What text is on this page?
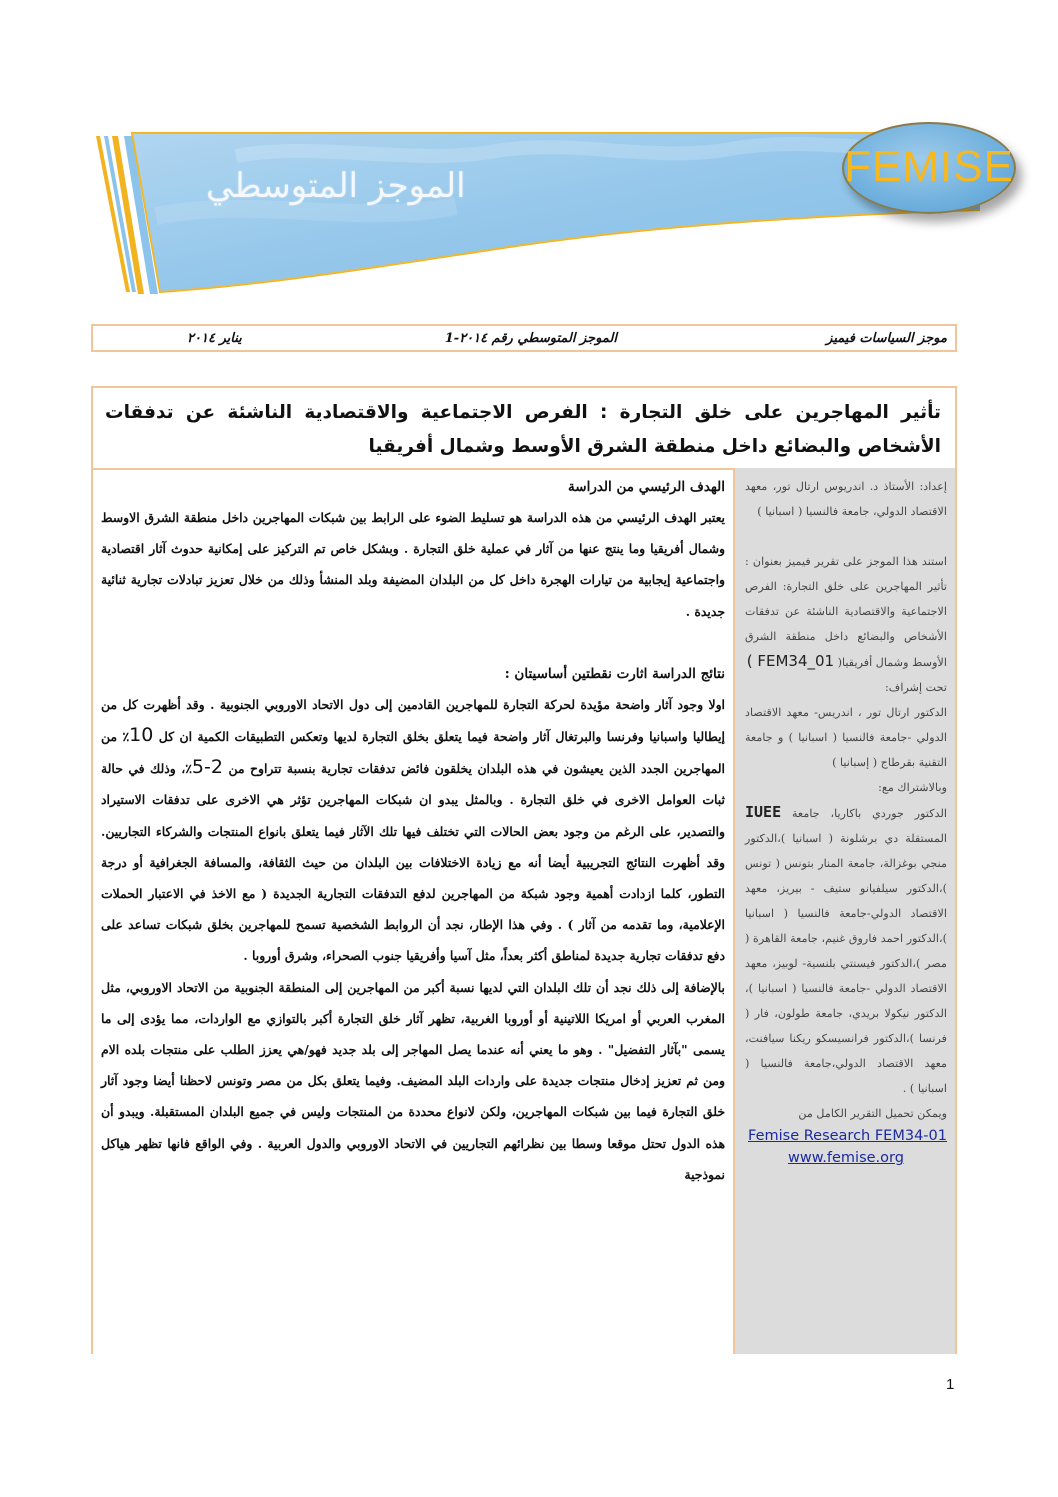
الموجز المتوسطي	FEMISE
موجز السياسات فيميز
الموجز المتوسطي رقم ٢٠١٤-1
يناير ٢٠١٤
تأثير المهاجرين على خلق التجارة : الفرص الاجتماعية والاقتصادية الناشئة عن تدفقات الأشخاص والبضائع داخل منطقة الشرق الأوسط وشمال أفريقيا
الهدف الرئيسي من الدراسة

يعتبر الهدف الرئيسي من هذه الدراسة هو تسليط الضوء على الرابط بين شبكات المهاجرين داخل منطقة الشرق الاوسط وشمال أفريقيا وما ينتج عنها من آثار في عملية خلق التجارة . وبشكل خاص تم التركيز على إمكانية حدوث آثار اقتصادية واجتماعية إيجابية من تيارات الهجرة داخل كل من البلدان المضيفة وبلد المنشأ وذلك من خلال تعزيز تبادلات تجارية ثنائية جديدة .

نتائج الدراسة اثارت نقطتين أساسيتان :

اولا وجود آثار واضحة مؤيدة لحركة التجارة للمهاجرين القادمين إلى دول الاتحاد الاوروبي الجنوبية . وقد أظهرت كل من إيطاليا واسبانيا وفرنسا والبرتغال آثار واضحة فيما يتعلق بخلق التجارة لديها وتعكس التطبيقات الكمية ان كل 10٪ من المهاجرين الجدد الذين يعيشون في هذه البلدان يخلقون فائض تدفقات تجارية بنسبة تتراوح من 2-5٪، وذلك في حالة ثبات العوامل الاخرى في خلق التجارة . وبالمثل يبدو ان شبكات المهاجرين تؤثر هي الاخرى على تدفقات الاستيراد والتصدير، على الرغم من وجود بعض الحالات التي تختلف فيها تلك الآثار فيما يتعلق بانواع المنتجات والشركاء التجاريين. وقد أظهرت النتائج التجريبية أيضا أنه مع زيادة الاختلافات بين البلدان من حيث الثقافة، والمسافة الجغرافية أو درجة التطور، كلما ازدادت أهمية وجود شبكة من المهاجرين لدفع التدفقات التجارية الجديدة ( مع الاخذ في الاعتبار الحملات الإعلامية، وما تقدمه من آثار ) . وفي هذا الإطار، نجد أن الروابط الشخصية تسمح للمهاجرين بخلق شبكات تساعد على دفع تدفقات تجارية جديدة لمناطق أكثر بعداً، مثل آسيا وأفريقيا جنوب الصحراء، وشرق أوروبا .

بالإضافة إلى ذلك نجد أن تلك البلدان التي لديها نسبة أكبر من المهاجرين إلى المنطقة الجنوبية من الاتحاد الاوروبي، مثل المغرب العربي أو امريكا اللاتينية أو أوروبا الغربية، تظهر آثار خلق التجارة أكبر بالتوازي مع الواردات، مما يؤدى إلى ما يسمى "بآثار التفضيل" . وهو ما يعني أنه عندما يصل المهاجر إلى بلد جديد فهو/هي يعزز الطلب على منتجات بلده الام ومن ثم تعزيز إدخال منتجات جديدة على واردات البلد المضيف. وفيما يتعلق بكل من مصر وتونس لاحظنا أيضا وجود آثار خلق التجارة فيما بين شبكات المهاجرين، ولكن لانواع محددة من المنتجات وليس في جميع البلدان المستقبلة. ويبدو أن هذه الدول تحتل موقعا وسطا بين نظرائهم التجاريين في الاتحاد الاوروبي والدول العربية . وفي الواقع فانها تظهر هياكل نموذجية

إعداد: الأستاذ د. اندريوس ارتال تور، معهد الاقتصاد الدولي، جامعة فالنسيا ( اسبانيا )

استند هذا الموجز على تقرير فيميز بعنوان : تأثير المهاجرين على خلق التجارة: الفرص الاجتماعية والاقتصادية الناشئة عن تدفقات الأشخاص والبضائع داخل منطقة الشرق الأوسط وشمال أفريقيا( FEM34_01 )

تحت إشراف:

الدكتور ارتال تور ، اندريس- معهد الاقتصاد الدولي -جامعة فالنسيا ( اسبانيا ) و جامعة التقنية بقرطاج ( إسبانيا )

وبالاشتراك مع:

الدكتور جوردي باكاريا، جامعة IUEE المستقلة دي برشلونة ( اسبانيا )،الدكتور منجي بوغزالة، جامعة المنار بتونس ( تونس )،الدكتور سيلفيانو ستيف - بيريز، معهد الاقتصاد الدولي-جامعة فالنسيا ( اسبانيا )،الدكتور احمد فاروق غنيم، جامعة القاهرة ( مصر )،الدكتور فيسنتي بلنسية- لوبيز، معهد الاقتصاد الدولي -جامعة فالنسيا ( اسبانيا )، الدكتور نيكولا بريدي، جامعة طولون، فار ( فرنسا )،الدكتور فرانسيسكو ريكنا سيافنت، معهد الاقتصاد الدولي،جامعة فالنسيا ( اسبانيا ) .

ويمكن تحميل التقرير الكامل من

Femise Research FEM34-01
www.femise.org
1
